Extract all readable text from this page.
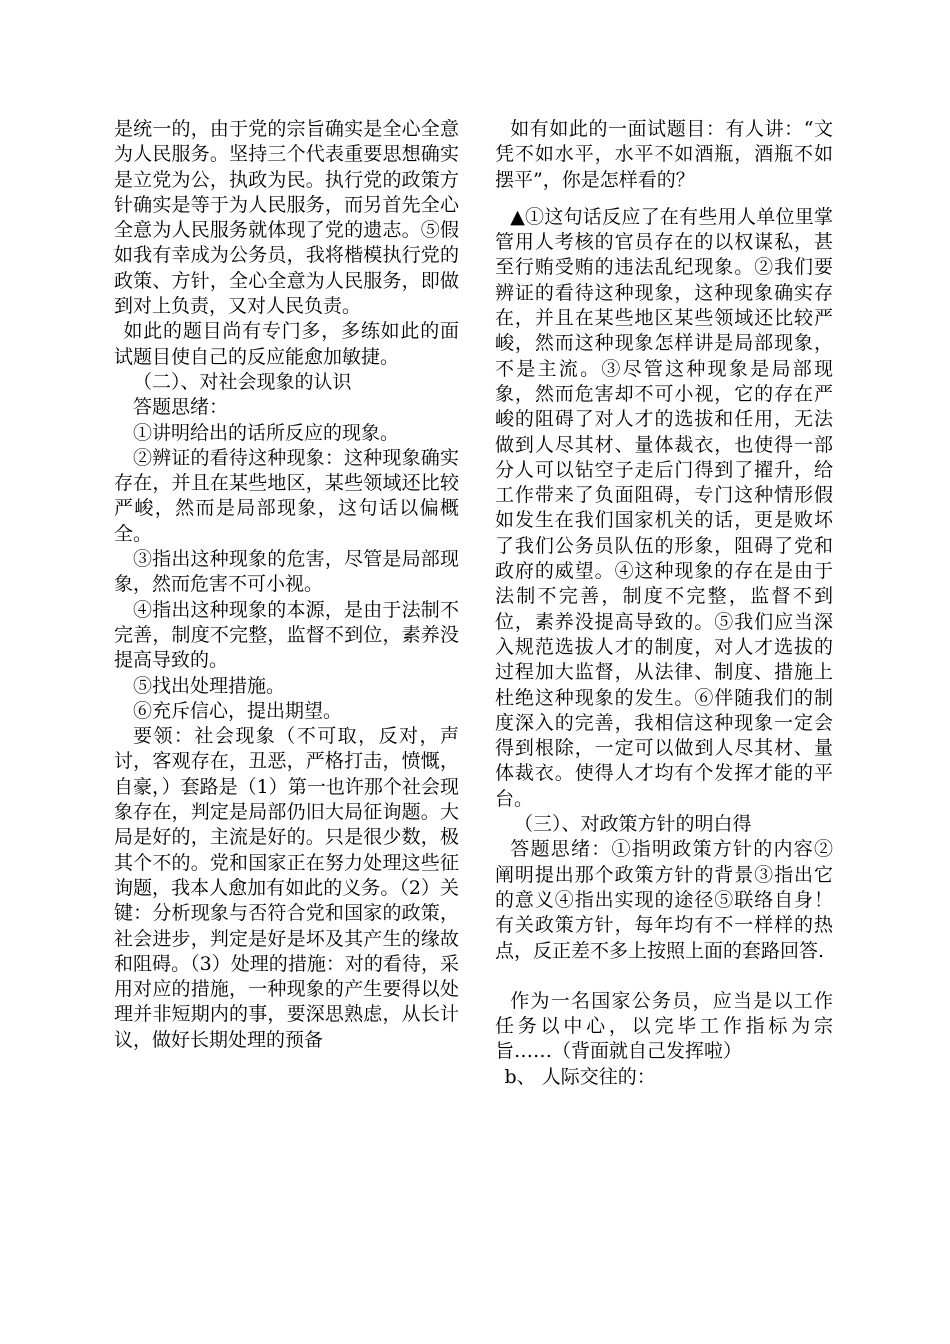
是统一的，由于党的宗旨确实是全心全意为人民服务。坚持三个代表重要思想确实是立党为公，执政为民。执行党的政策方针确实是等于为人民服务，而另首先全心全意为人民服务就体现了党的遗志。⑤假如我有幸成为公务员，我将楷模执行党的政策、方针，全心全意为人民服务，即做到对上负责，又对人民负责。

如此的题目尚有专门多，多练如此的面试题目使自己的反应能愈加敏捷。

（二）、对社会现象的认识

答题思绪：

①讲明给出的话所反应的现象。

②辨证的看待这种现象：这种现象确实存在，并且在某些地区，某些领域还比较严峻，然而是局部现象，这句话以偏概全。

③指出这种现象的危害，尽管是局部现象，然而危害不可小视。

④指出这种现象的本源，是由于法制不完善，制度不完整，监督不到位，素养没提高导致的。

⑤找出处理措施。

⑥充斥信心，提出期望。

要领：社会现象（不可取，反对，声讨，客观存在，丑恶，严格打击，愤慨，自豪，）套路是（1）第一也许那个社会现象存在，判定是局部仍旧大局征询题。大局是好的，主流是好的。只是很少数，极其个不的。党和国家正在努力处理这些征询题，我本人愈加有如此的义务。（2）关键：分析现象与否符合党和国家的政策，社会进步，判定是好是坏及其产生的缘故和阻碍。（3）处理的措施：对的看待，采用对应的措施，一种现象的产生要得以处理并非短期内的事，要深思熟虑，从长计议，做好长期处理的预备

如有如此的一面试题目：有人讲：“文凭不如水平，水平不如酒瓶，酒瓶不如摆平”，你是怎样看的？

▲①这句话反应了在有些用人单位里掌管用人考核的官员存在的以权谋私，甚至行贿受贿的违法乱纪现象。②我们要辨证的看待这种现象，这种现象确实存在，并且在某些地区某些领域还比较严峻，然而这种现象怎样讲是局部现象，不是主流。③尽管这种现象是局部现象，然而危害却不可小视，它的存在严峻的阻碍了对人才的选拔和任用，无法做到人尽其材、量体裁衣，也使得一部分人可以钻空子走后门得到了擢升，给工作带来了负面阻碍，专门这种情形假如发生在我们国家机关的话，更是败坏了我们公务员队伍的形象，阻碍了党和政府的威望。④这种现象的存在是由于法制不完善，制度不完整，监督不到位，素养没提高导致的。⑤我们应当深入规范选拔人才的制度，对人才选拔的过程加大监督，从法律、制度、措施上杜绝这种现象的发生。⑥伴随我们的制度深入的完善，我相信这种现象一定会得到根除，一定可以做到人尽其材、量体裁衣。使得人才均有个发挥才能的平台。

（三）、对政策方针的明白得

答题思绪：①指明政策方针的内容②阐明提出那个政策方针的背景③指出它的意义④指出实现的途径⑤联络自身！有关政策方针，每年均有不一样样的热点，反正差不多上按照上面的套路回答.

作为一名国家公务员，应当是以工作任务以中心，以完毕工作指标为宗旨……（背面就自己发挥啦）

b、 人际交往的：
